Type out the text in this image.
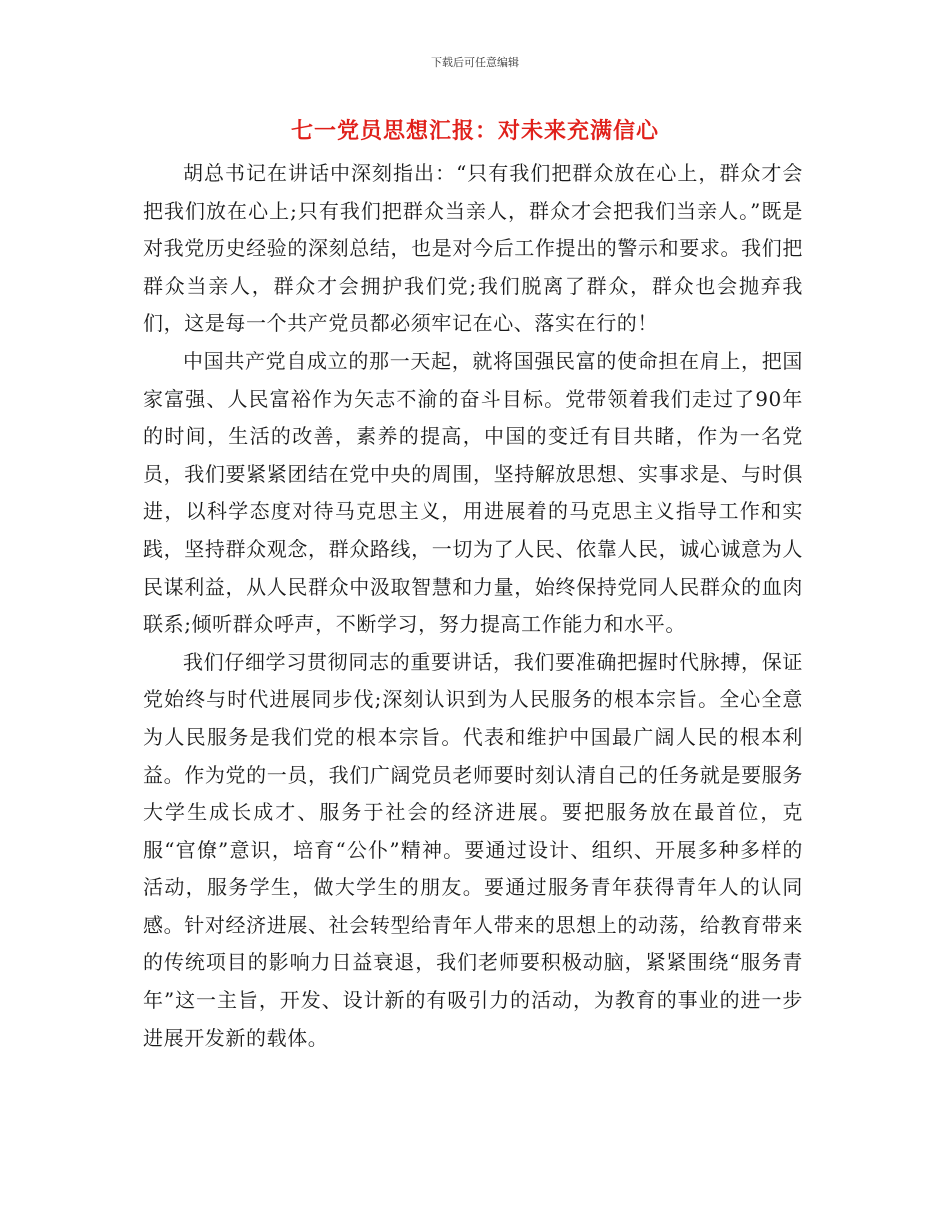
下载后可任意编辑
七一党员思想汇报：对未来充满信心

胡总书记在讲话中深刻指出：“只有我们把群众放在心上，群众才会把我们放在心上;只有我们把群众当亲人，群众才会把我们当亲人。”既是对我党历史经验的深刻总结，也是对今后工作提出的警示和要求。我们把群众当亲人，群众才会拥护我们党;我们脱离了群众，群众也会抛弃我们，这是每一个共产党员都必须牢记在心、落实在行的！

中国共产党自成立的那一天起，就将国强民富的使命担在肩上，把国家富强、人民富裕作为矢志不渝的奋斗目标。党带领着我们走过了90年的时间，生活的改善，素养的提高，中国的变迁有目共睹，作为一名党员，我们要紧紧团结在党中央的周围，坚持解放思想、实事求是、与时俱进，以科学态度对待马克思主义，用进展着的马克思主义指导工作和实践，坚持群众观念，群众路线，一切为了人民、依靠人民，诚心诚意为人民谋利益，从人民群众中汲取智慧和力量，始终保持党同人民群众的血肉联系;倾听群众呼声，不断学习，努力提高工作能力和水平。

我们仔细学习贯彻同志的重要讲话，我们要准确把握时代脉搏，保证党始终与时代进展同步伐;深刻认识到为人民服务的根本宗旨。全心全意为人民服务是我们党的根本宗旨。代表和维护中国最广阔人民的根本利益。作为党的一员，我们广阔党员老师要时刻认清自己的任务就是要服务大学生成长成才、服务于社会的经济进展。要把服务放在最首位，克服“官僚”意识，培育“公仆”精神。要通过设计、组织、开展多种多样的活动，服务学生，做大学生的朋友。要通过服务青年获得青年人的认同感。针对经济进展、社会转型给青年人带来的思想上的动荡，给教育带来的传统项目的影响力日益衰退，我们老师要积极动脑，紧紧围绕“服务青年”这一主旨，开发、设计新的有吸引力的活动，为教育的事业的进一步进展开发新的载体。
